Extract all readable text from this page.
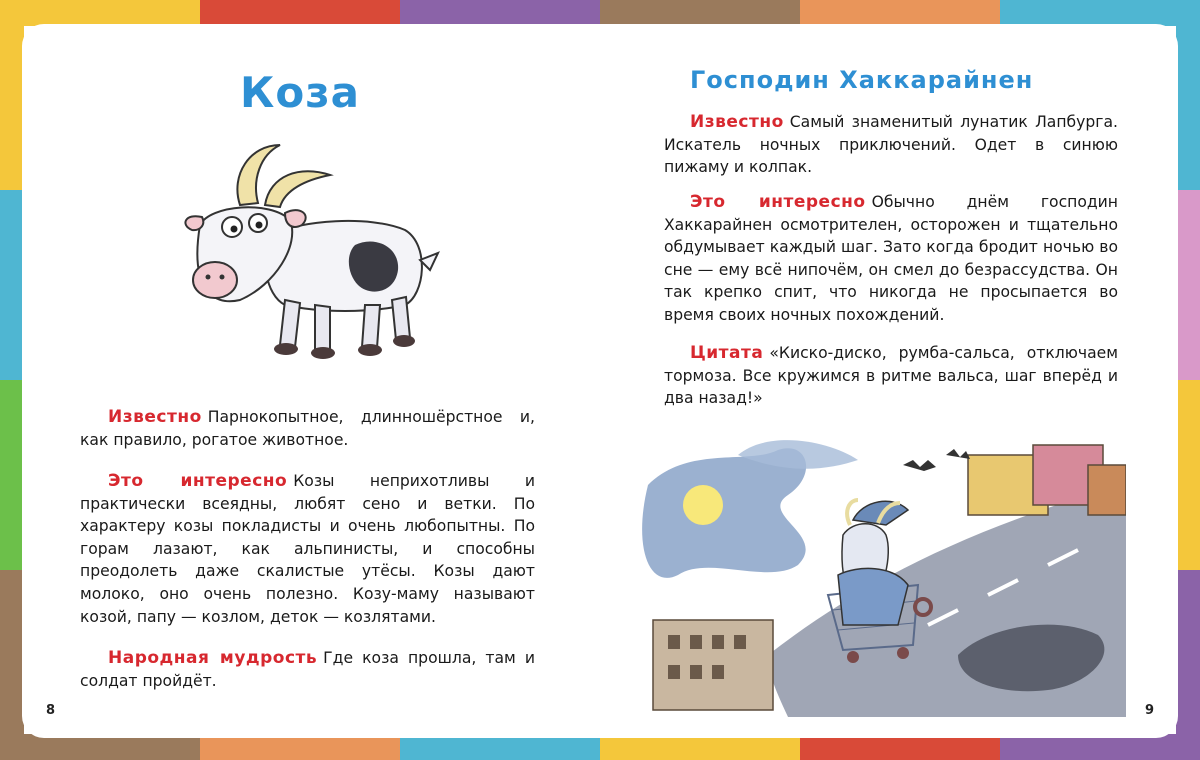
Коза

Известно Парнокопытное, длинношёрстное и, как правило, рогатое животное.

Это интересно Козы неприхотливы и практически всеядны, любят сено и ветки. По характеру козы покладисты и очень любопытны. По горам лазают, как альпинисты, и способны преодолеть даже скалистые утёсы. Козы дают молоко, оно очень полезно. Козу-маму называют козой, папу — козлом, деток — козлятами.

Народная мудрость Где коза прошла, там и солдат пройдёт.

8
Господин Хаккарайнен

Известно Самый знаменитый лунатик Лапбурга. Искатель ночных приключений. Одет в синюю пижаму и колпак.

Это интересно Обычно днём господин Хаккарайнен осмотрителен, осторожен и тщательно обдумывает каждый шаг. Зато когда бродит ночью во сне — ему всё нипочём, он смел до безрассудства. Он так крепко спит, что никогда не просыпается во время своих ночных похождений.

Цитата «Киско-диско, румба-сальса, отключаем тормоза. Все кружимся в ритме вальса, шаг вперёд и два назад!»

9
